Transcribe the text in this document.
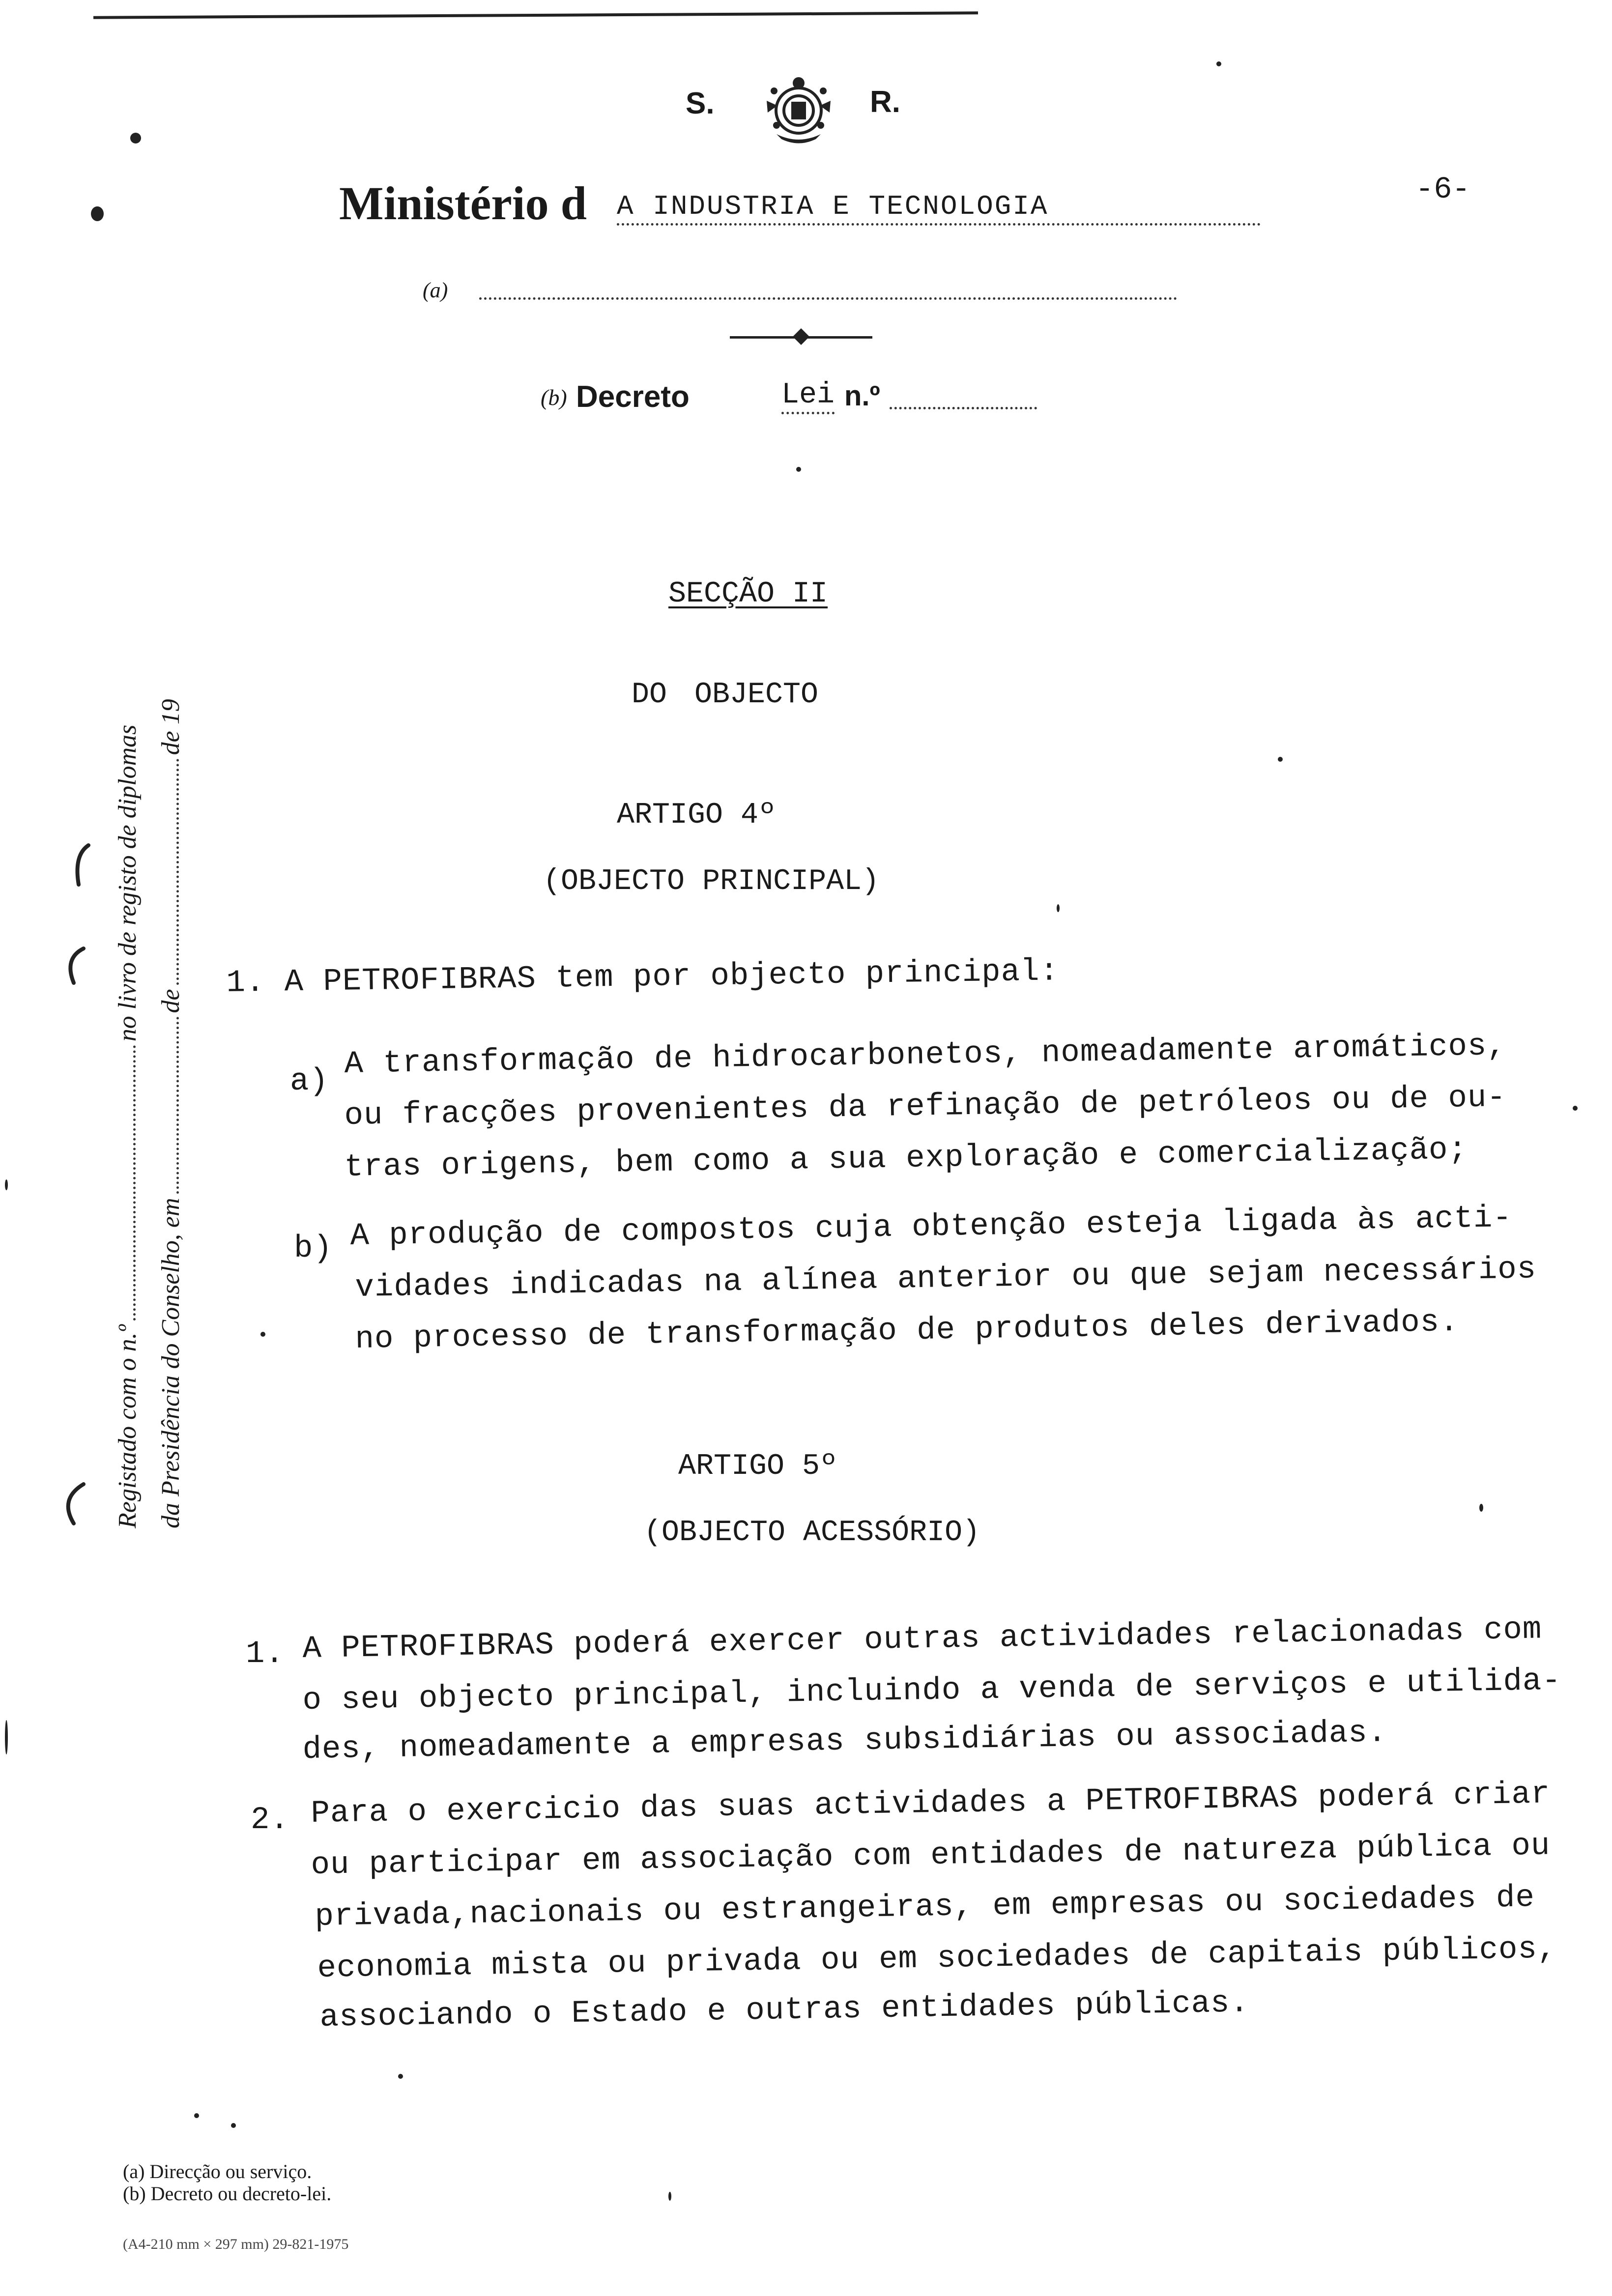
S.	R.
Ministério d A INDUSTRIA E TECNOLOGIA	-6-
(a)
(b) Decreto	Lei n.º
SECÇÃO II
DO OBJECTO
ARTIGO 4º
(OBJECTO PRINCIPAL)
1. A PETROFIBRAS tem por objecto principal:
a) A transformação de hidrocarbonetos, nomeadamente aromáticos,
ou fracções provenientes da refinação de petróleos ou de ou-
tras origens, bem como a sua exploração e comercialização;
b) A produção de compostos cuja obtenção esteja ligada às acti-
vidades indicadas na alínea anterior ou que sejam necessários
no processo de transformação de produtos deles derivados.
ARTIGO 5º
(OBJECTO ACESSÓRIO)
1. A PETROFIBRAS poderá exercer outras actividades relacionadas com
o seu objecto principal, incluindo a venda de serviços e utilida-
des, nomeadamente a empresas subsidiárias ou associadas.
2. Para o exercicio das suas actividades a PETROFIBRAS poderá criar
ou participar em associação com entidades de natureza pública ou
privada,nacionais ou estrangeiras, em empresas ou sociedades de
economia mista ou privada ou em sociedades de capitais públicos,
associando o Estado e outras entidades públicas.
Registado com o n.º
no livro de registo de diplomas
da Presidência do Conselho, em
de
de 19
(a) Direcção ou serviço.
(b) Decreto ou decreto-lei.
(A4-210 mm × 297 mm) 29-821-1975
